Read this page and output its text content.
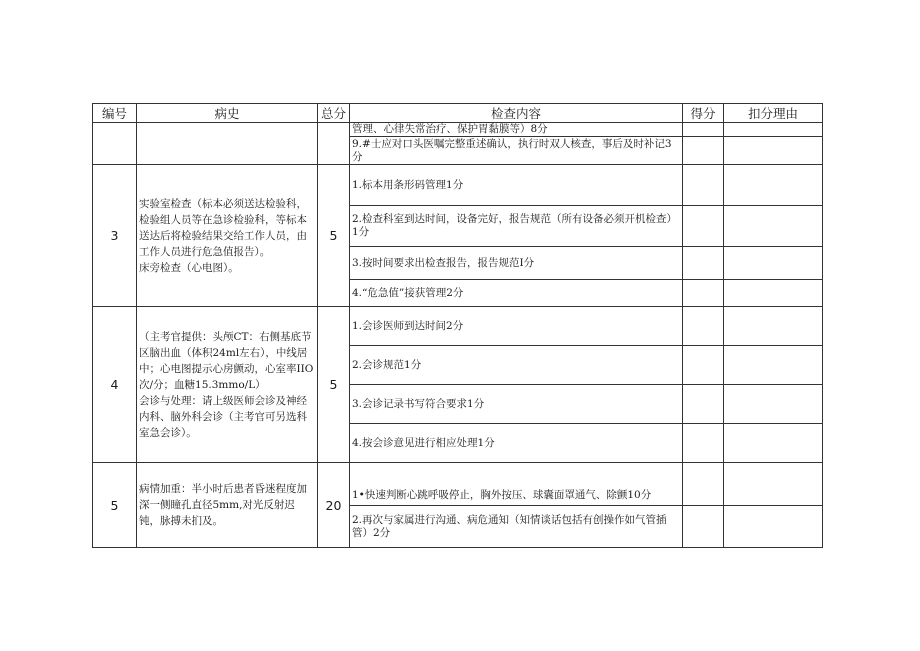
编号	病史	总分	检查内容	得分	扣分理由
			管理、心律失常治疗、保护胃黏膜等）8分		
			9.#士应对口头医嘱完整重述确认，执行时双人核查，事后及时补记3分		
3	实验室检查（标本必须送达检验科，检验组人员等在急诊检验科，等标本送达后将检验结果交给工作人员，由工作人员进行危急值报告）。
床旁检查（心电图）。	5	1.标本用条形码管理1分		
			2.检查科室到达时间，设备完好，报告规范（所有设备必须开机检查）1分		
			3.按时间要求出检查报告，报告规范I分		
			4.“危急值”接获管理2分		
4	（主考官提供：头颅CT：右侧基底节区脑出血（体积24ml左右），中线居中；心电图提示心房颤动，心室率IIO次/分；血糖15.3mmo/L）
会诊与处理：请上级医师会诊及神经内科、脑外科会诊（主考官可另选科室急会诊）。	5	1.会诊医师到达时间2分		
			2.会诊规范1分		
			3.会诊记录书写符合要求1分		
			4.按会诊意见进行相应处理1分		
5	病情加重：半小时后患者昏迷程度加深一侧瞳孔直径5mm,对光反射迟钝，脉搏未扪及。	20	1•快速判断心跳呼吸停止，胸外按压、球囊面罩通气、除颤10分		
			2.再次与家属进行沟通、病危通知（知情谈话包括有创操作如气管插管）2分		
